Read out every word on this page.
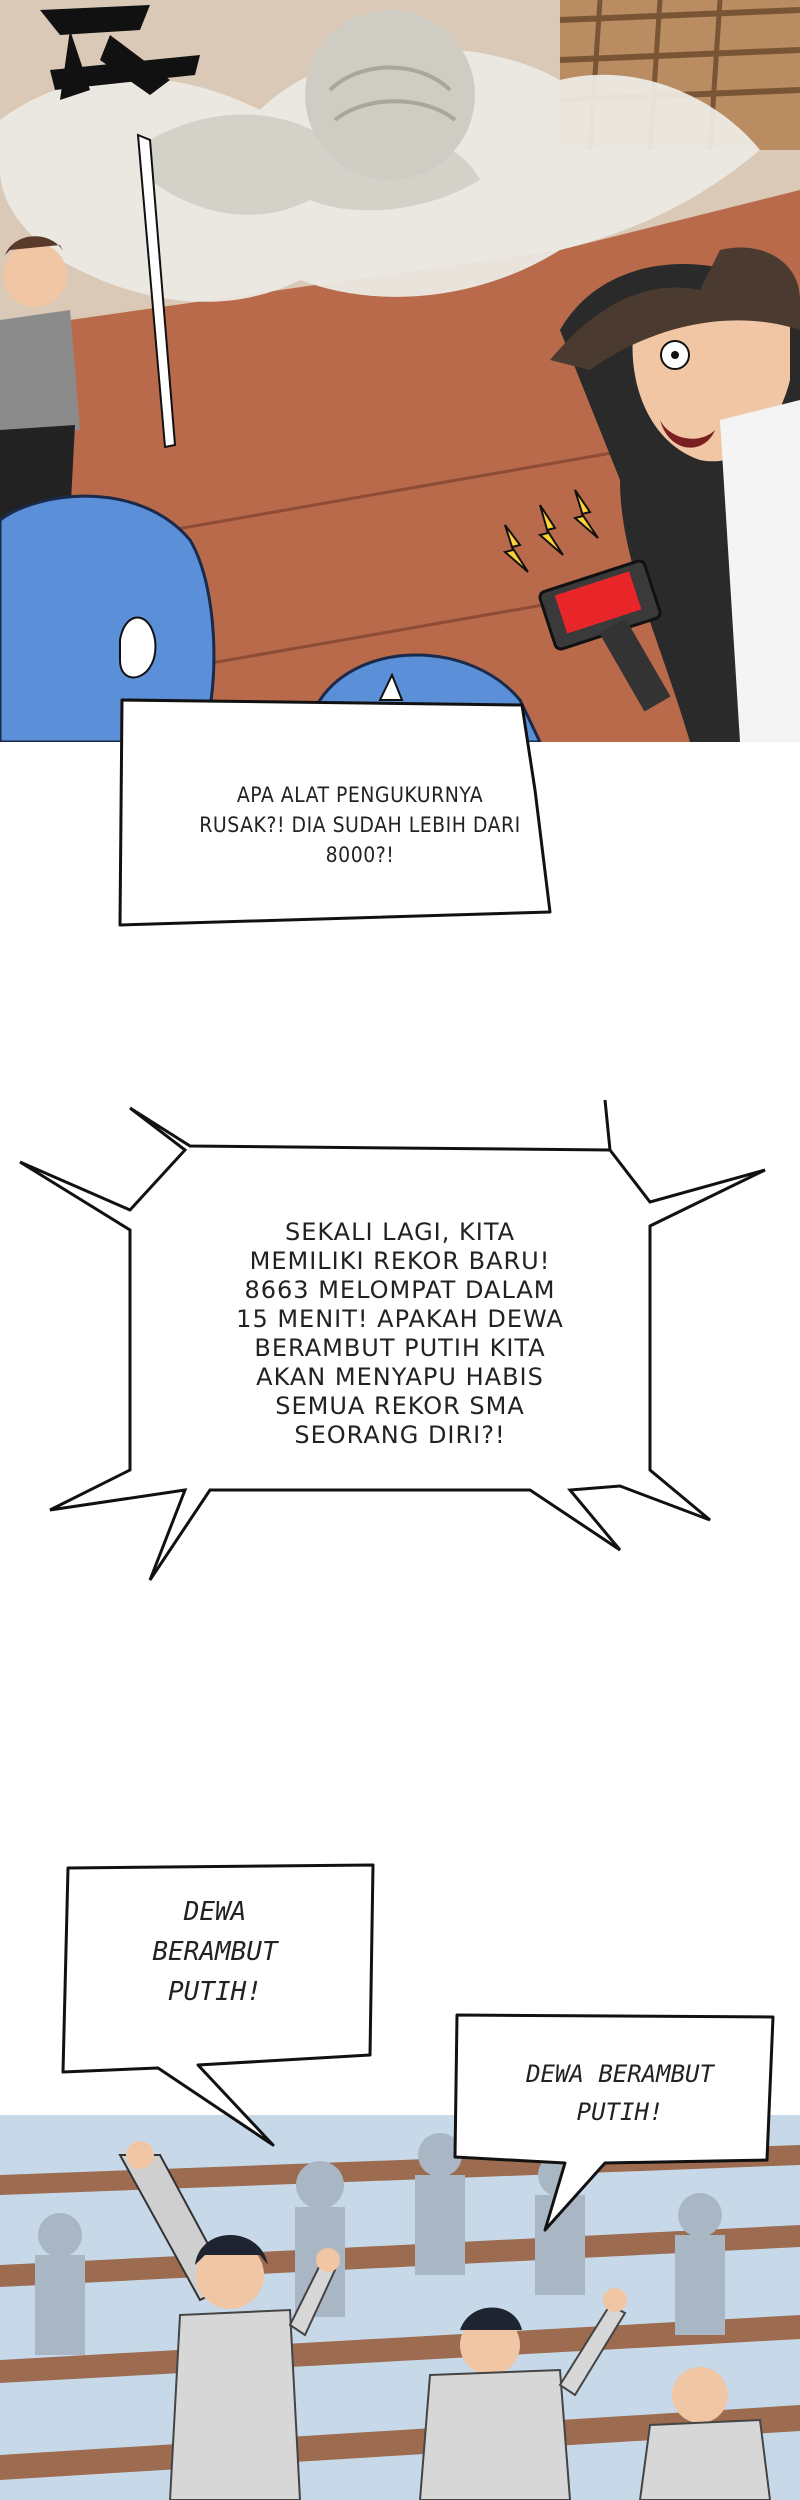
APA ALAT PENGUKURNYA
RUSAK?! DIA SUDAH LEBIH DARI
8000?!
SEKALI LAGI, KITA
MEMILIKI REKOR BARU!
8663 MELOMPAT DALAM
15 MENIT! APAKAH DEWA
BERAMBUT PUTIH KITA
AKAN MENYAPU HABIS
SEMUA REKOR SMA
SEORANG DIRI?!
DEWA
BERAMBUT
PUTIH!
DEWA BERAMBUT
PUTIH!
